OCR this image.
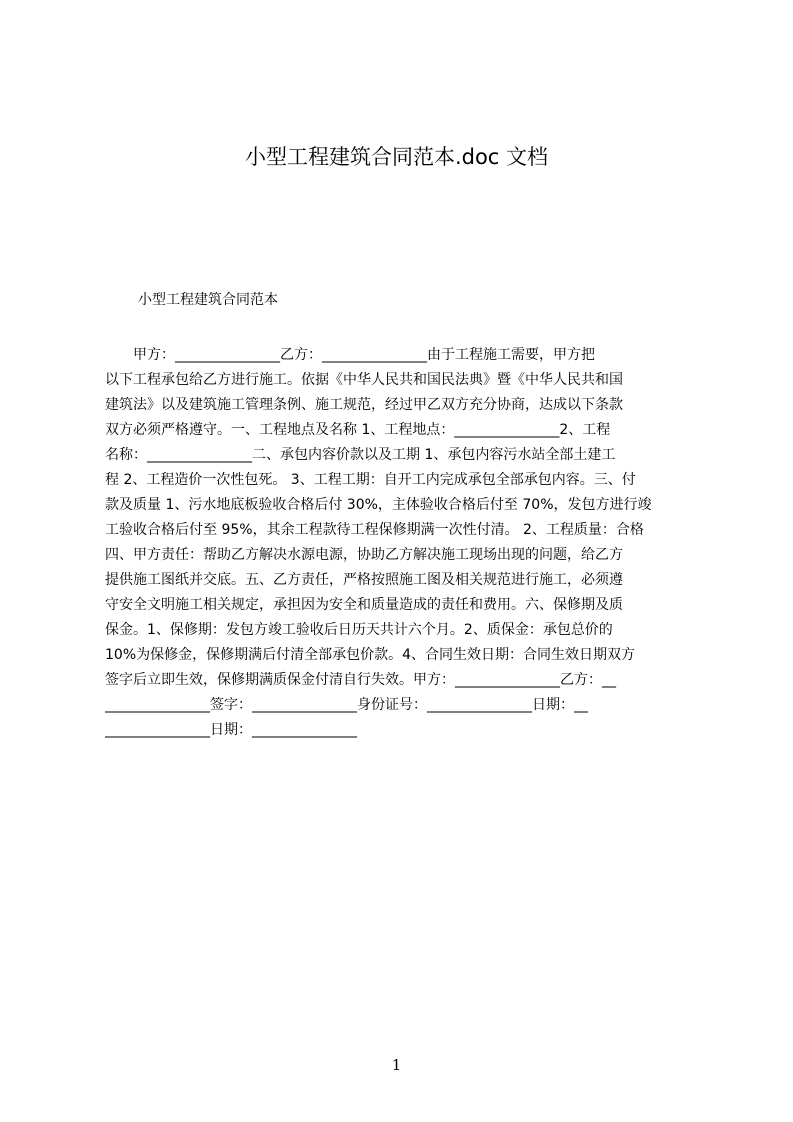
小型工程建筑合同范本.doc 文档
小型工程建筑合同范本
　　甲方：_______________乙方：_______________由于工程施工需要，甲方把
以下工程承包给乙方进行施工。依据《中华人民共和国民法典》暨《中华人民共和国
建筑法》以及建筑施工管理条例、施工规范，经过甲乙双方充分协商，达成以下条款
双方必须严格遵守。一、工程地点及名称 1、工程地点：_______________2、工程
名称：_______________二、承包内容价款以及工期 1、承包内容污水站全部土建工
程 2、工程造价一次性包死。 3、工程工期：自开工内完成承包全部承包内容。三、付
款及质量 1、污水地底板验收合格后付 30%，主体验收合格后付至 70%，发包方进行竣
工验收合格后付至 95%，其余工程款待工程保修期满一次性付清。 2、工程质量：合格
四、甲方责任：帮助乙方解决水源电源，协助乙方解决施工现场出现的问题，给乙方
提供施工图纸并交底。五、乙方责任，严格按照施工图及相关规范进行施工，必须遵
守安全文明施工相关规定，承担因为安全和质量造成的责任和费用。六、保修期及质
保金。1、保修期：发包方竣工验收后日历天共计六个月。2、质保金：承包总价的
10%为保修金，保修期满后付清全部承包价款。4、合同生效日期：合同生效日期双方
签字后立即生效，保修期满质保金付清自行失效。甲方：_______________乙方：__
_______________签字：_______________身份证号：_______________日期：__
_______________日期：_______________
1
